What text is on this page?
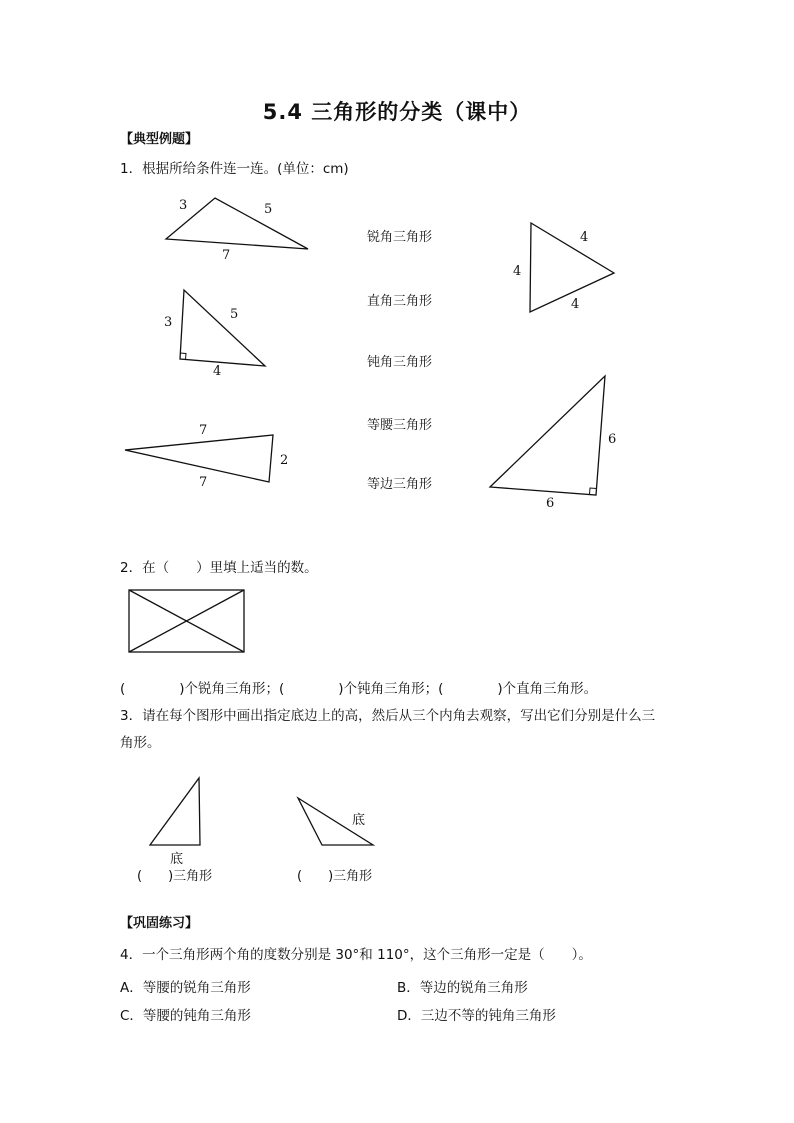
5.4 三角形的分类（课中）
【典型例题】
1．根据所给条件连一连。(单位：cm)
3	5
7
3
5
4
7
2
7
4
4
4
6
6
锐角三角形
直角三角形
钝角三角形
等腰三角形
等边三角形
2．在（　　）里填上适当的数。
(　　　　)个锐角三角形；(　　　　)个钝角三角形；(　　　　)个直角三角形。
3．请在每个图形中画出指定底边上的高，然后从三个内角去观察，写出它们分别是什么三
角形。
底
底
(　　)三角形	(　　)三角形
【巩固练习】
4．一个三角形两个角的度数分别是 30°和 110°，这个三角形一定是（　　）。
A．等腰的锐角三角形	B．等边的锐角三角形
C．等腰的钝角三角形	D．三边不等的钝角三角形
